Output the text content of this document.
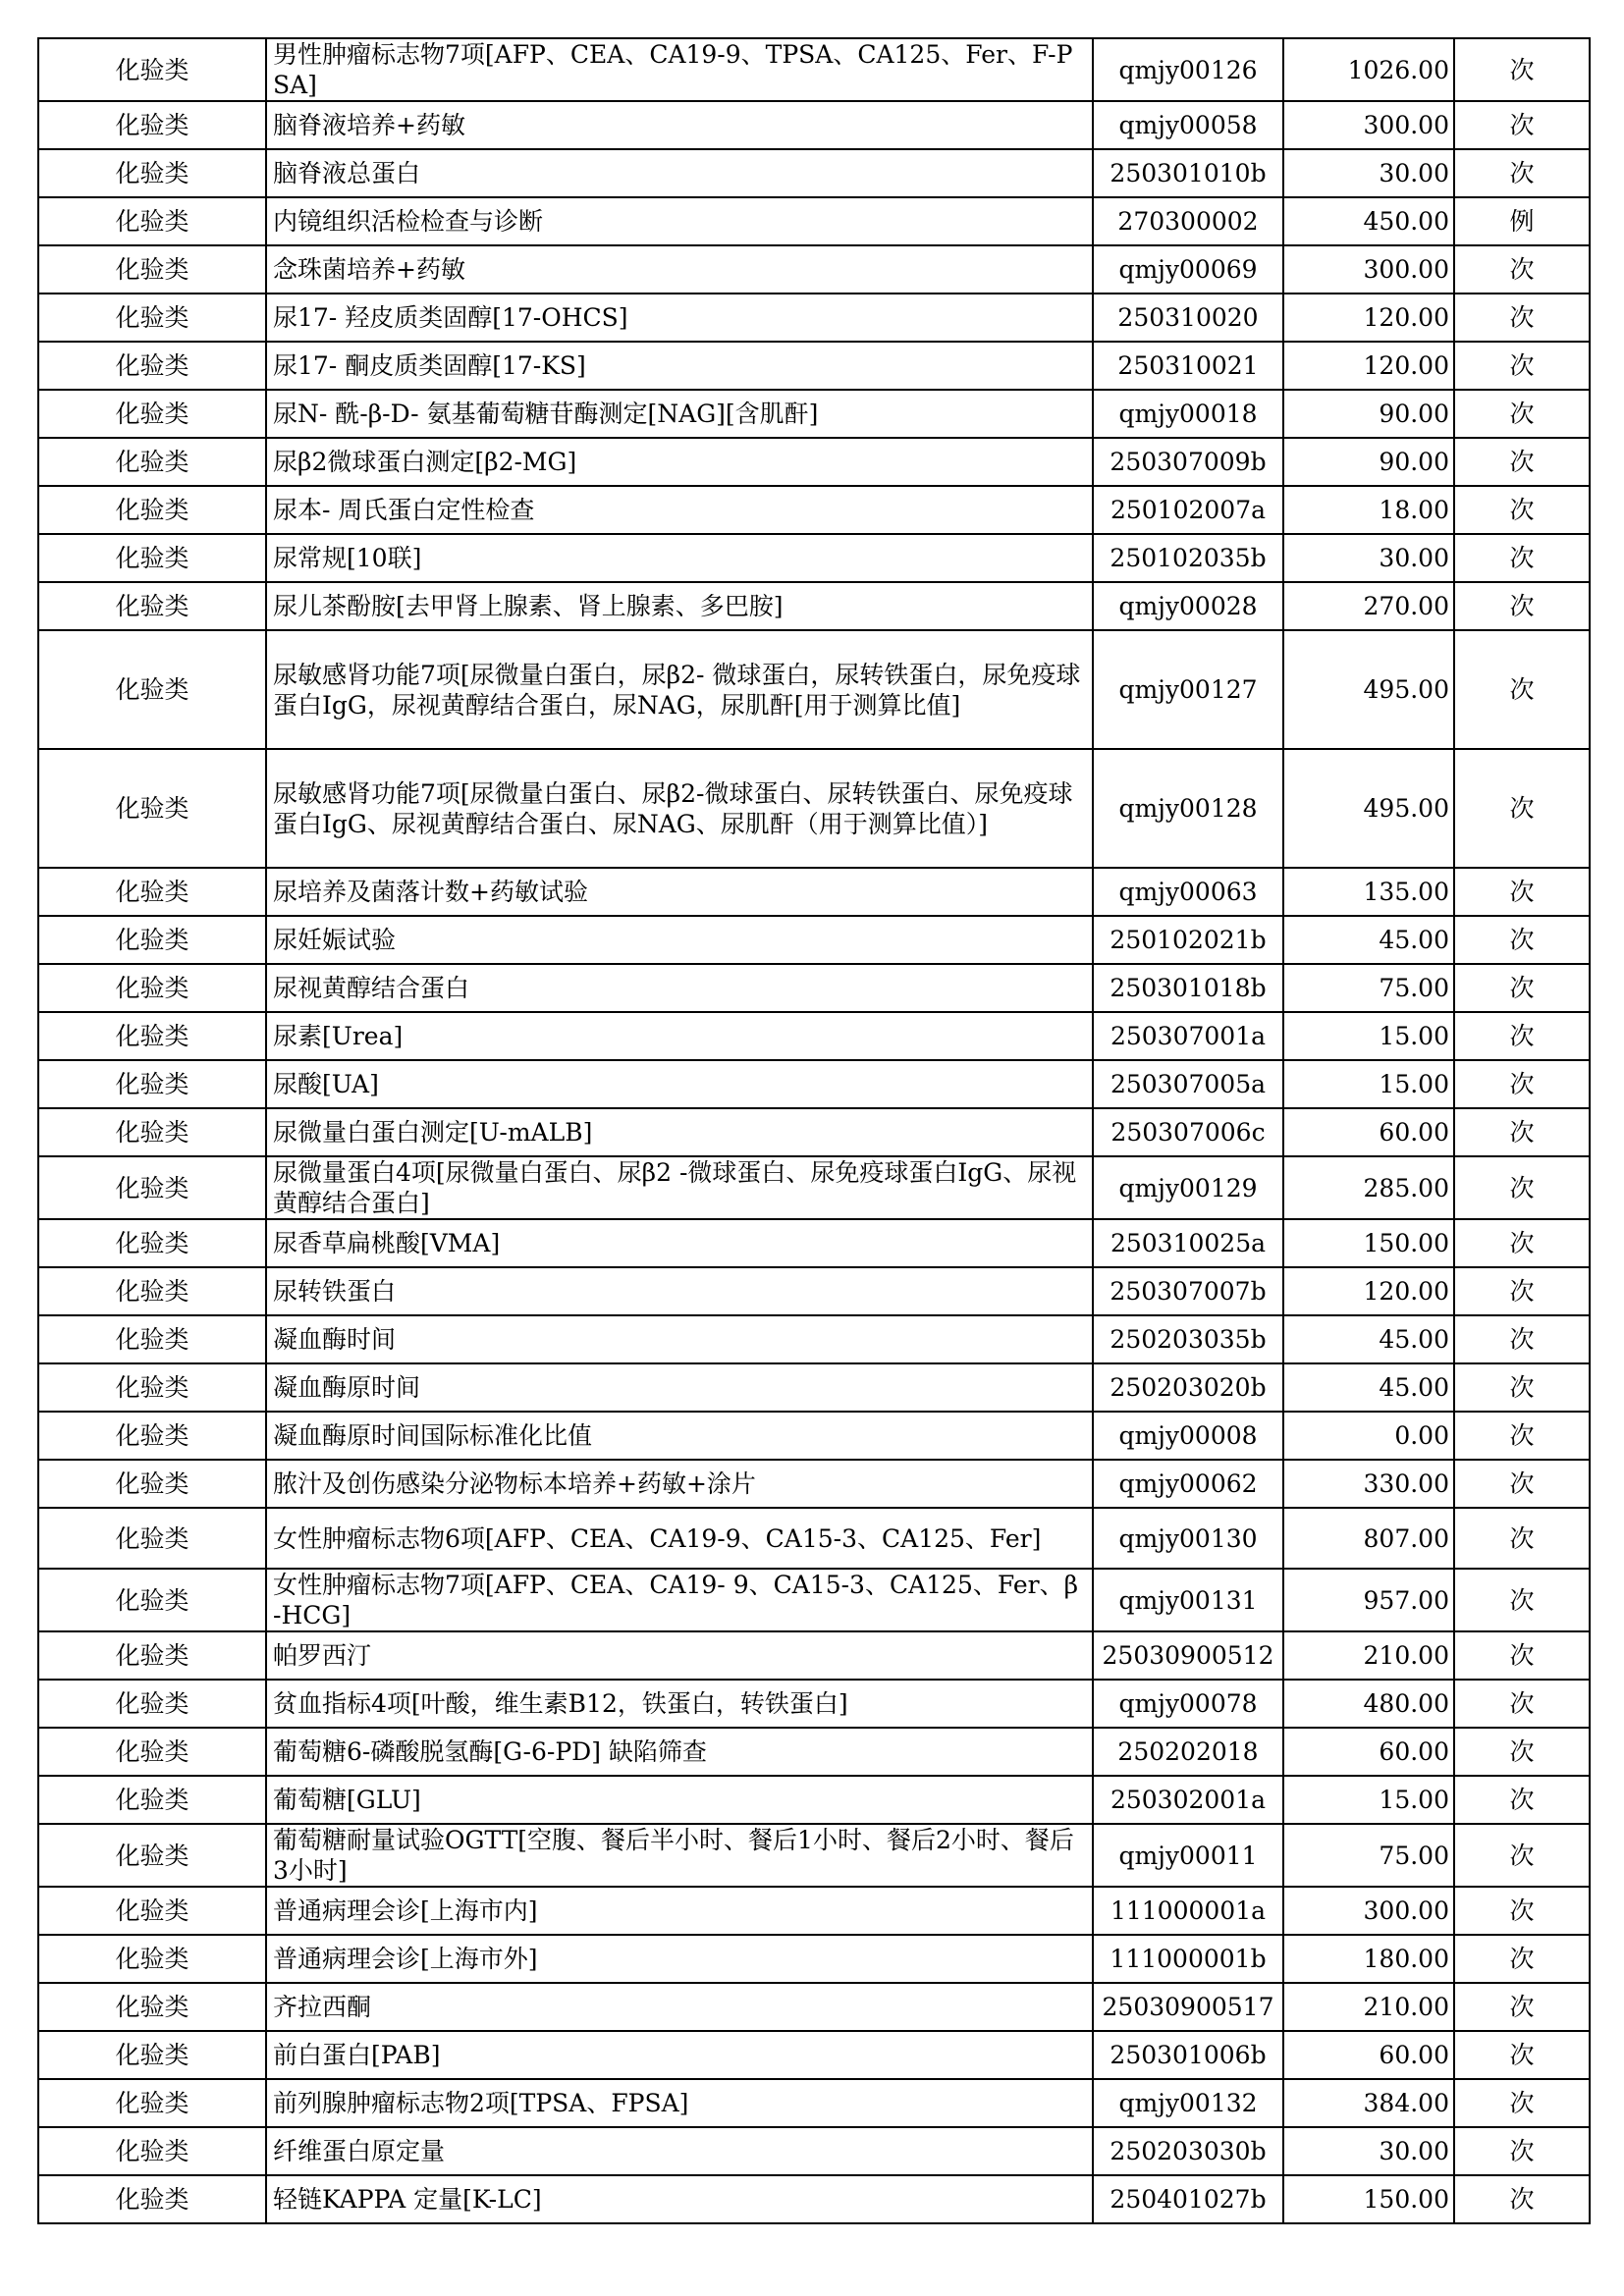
化验类	男性肿瘤标志物7项[AFP、CEA、CA19-9、TPSA、CA125、Fer、F-PSA]	qmjy00126	1026.00	次
化验类	脑脊液培养+药敏	qmjy00058	300.00	次
化验类	脑脊液总蛋白	250301010b	30.00	次
化验类	内镜组织活检检查与诊断	270300002	450.00	例
化验类	念珠菌培养+药敏	qmjy00069	300.00	次
化验类	尿17- 羟皮质类固醇[17-OHCS]	250310020	120.00	次
化验类	尿17- 酮皮质类固醇[17-KS]	250310021	120.00	次
化验类	尿N- 酰-β-D- 氨基葡萄糖苷酶测定[NAG][含肌酐]	qmjy00018	90.00	次
化验类	尿β2微球蛋白测定[β2-MG]	250307009b	90.00	次
化验类	尿本- 周氏蛋白定性检查	250102007a	18.00	次
化验类	尿常规[10联]	250102035b	30.00	次
化验类	尿儿茶酚胺[去甲肾上腺素、肾上腺素、多巴胺]	qmjy00028	270.00	次
化验类	尿敏感肾功能7项[尿微量白蛋白，尿β2- 微球蛋白，尿转铁蛋白，尿免疫球蛋白IgG，尿视黄醇结合蛋白，尿NAG，尿肌酐[用于测算比值]	qmjy00127	495.00	次
化验类	尿敏感肾功能7项[尿微量白蛋白、尿β2-微球蛋白、尿转铁蛋白、尿免疫球蛋白IgG、尿视黄醇结合蛋白、尿NAG、尿肌酐（用于测算比值）]	qmjy00128	495.00	次
化验类	尿培养及菌落计数+药敏试验	qmjy00063	135.00	次
化验类	尿妊娠试验	250102021b	45.00	次
化验类	尿视黄醇结合蛋白	250301018b	75.00	次
化验类	尿素[Urea]	250307001a	15.00	次
化验类	尿酸[UA]	250307005a	15.00	次
化验类	尿微量白蛋白测定[U-mALB]	250307006c	60.00	次
化验类	尿微量蛋白4项[尿微量白蛋白、尿β2 -微球蛋白、尿免疫球蛋白IgG、尿视黄醇结合蛋白]	qmjy00129	285.00	次
化验类	尿香草扁桃酸[VMA]	250310025a	150.00	次
化验类	尿转铁蛋白	250307007b	120.00	次
化验类	凝血酶时间	250203035b	45.00	次
化验类	凝血酶原时间	250203020b	45.00	次
化验类	凝血酶原时间国际标准化比值	qmjy00008	0.00	次
化验类	脓汁及创伤感染分泌物标本培养+药敏+涂片	qmjy00062	330.00	次
化验类	女性肿瘤标志物6项[AFP、CEA、CA19-9、CA15-3、CA125、Fer]	qmjy00130	807.00	次
化验类	女性肿瘤标志物7项[AFP、CEA、CA19- 9、CA15-3、CA125、Fer、β-HCG]	qmjy00131	957.00	次
化验类	帕罗西汀	25030900512	210.00	次
化验类	贫血指标4项[叶酸，维生素B12，铁蛋白，转铁蛋白]	qmjy00078	480.00	次
化验类	葡萄糖6-磷酸脱氢酶[G-6-PD] 缺陷筛查	250202018	60.00	次
化验类	葡萄糖[GLU]	250302001a	15.00	次
化验类	葡萄糖耐量试验OGTT[空腹、餐后半小时、餐后1小时、餐后2小时、餐后3小时]	qmjy00011	75.00	次
化验类	普通病理会诊[上海市内]	111000001a	300.00	次
化验类	普通病理会诊[上海市外]	111000001b	180.00	次
化验类	齐拉西酮	25030900517	210.00	次
化验类	前白蛋白[PAB]	250301006b	60.00	次
化验类	前列腺肿瘤标志物2项[TPSA、FPSA]	qmjy00132	384.00	次
化验类	纤维蛋白原定量	250203030b	30.00	次
化验类	轻链KAPPA 定量[K-LC]	250401027b	150.00	次
